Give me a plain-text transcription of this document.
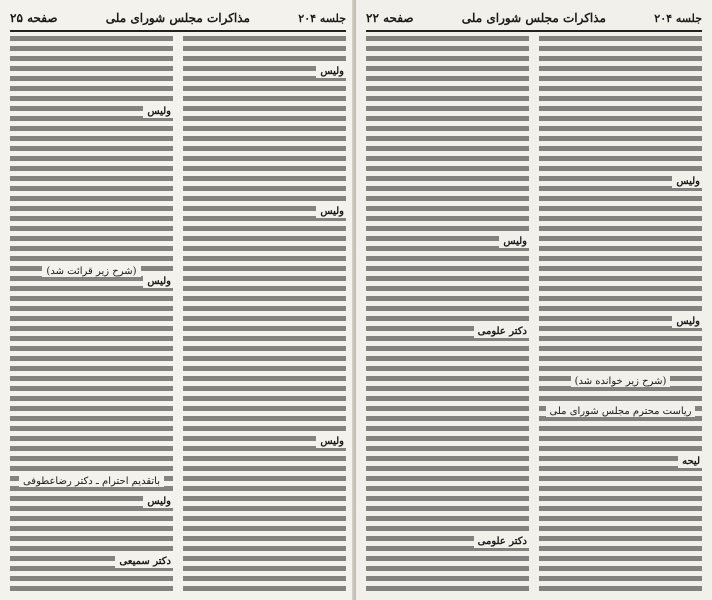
جلسه ۲۰۴
مذاکرات مجلس شورای ملی
صفحه ۲۵
وليس
وليس
وليس
وليس
(شرح زیر قرائت شد)
وليس
باتقدیم احترام ـ دکتر رضاعطوفی
وليس
دکتر سمیعی
جلسه ۲۰۴
مذاکرات مجلس شورای ملی
صفحه ۲۲
وليس
(شرح زیر خوانده شد)
ریاست محترم مجلس شورای ملی
وليس
لیحه
وليس
دکتر علومی
دکتر علومی
